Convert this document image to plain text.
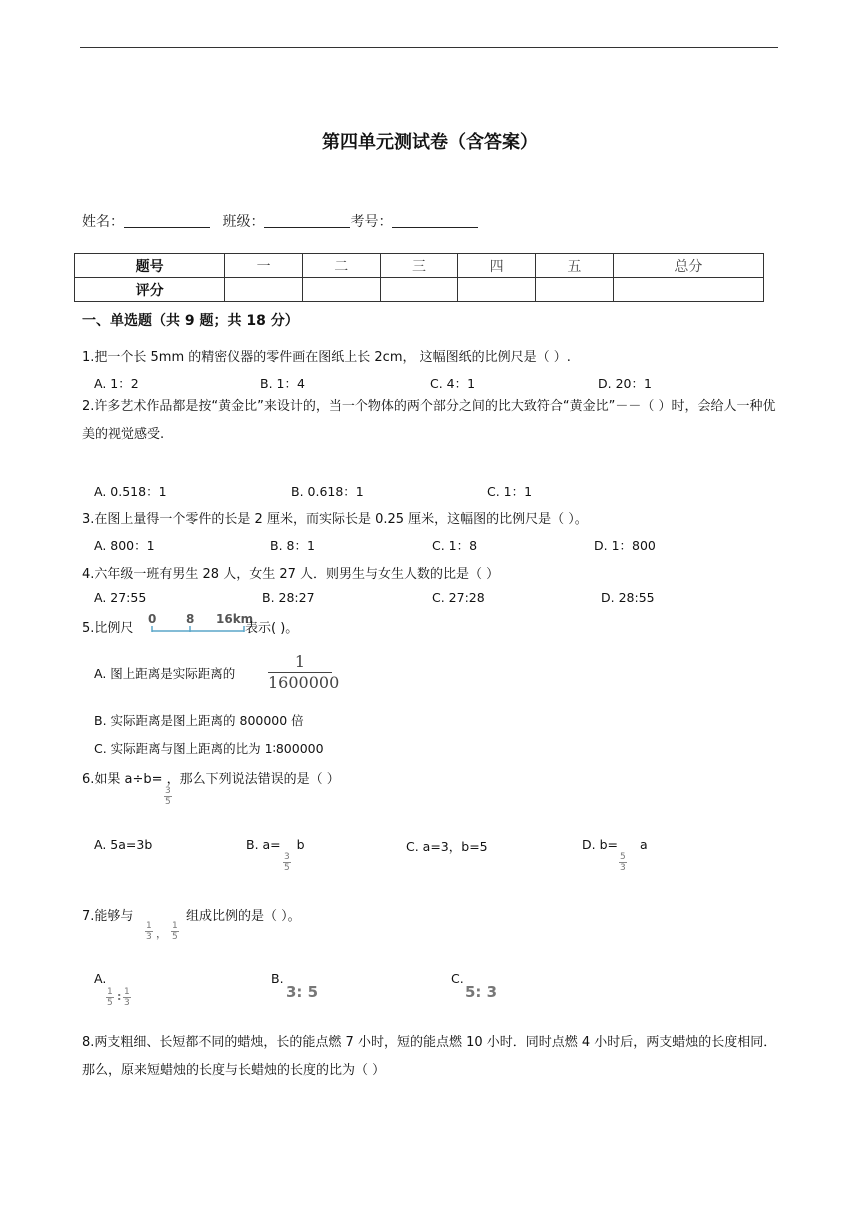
第四单元测试卷（含答案）
姓名：	班级：	考号：
题号	一	二	三	四	五	总分
评分						
一、单选题（共 9 题；共 18 分）
1.把一个长 5mm 的精密仪器的零件画在图纸上长 2cm， 这幅图纸的比例尺是（ ）.
A. 1：2	B. 1：4	C. 4：1	D. 20：1
2.许多艺术作品都是按“黄金比”来设计的，当一个物体的两个部分之间的比大致符合“黄金比”－－（ ）时，会给人一种优美的视觉感受.
A. 0.518：1	B. 0.618：1	C. 1：1
3.在图上量得一个零件的长是 2 厘米，而实际长是 0.25 厘米，这幅图的比例尺是（ ）。
A. 800：1	B. 8：1	C. 1：8	D. 1：800
4.六年级一班有男生 28 人，女生 27 人．则男生与女生人数的比是（ ）
A. 27:55	B. 28:27	C. 27:28	D. 28:55
5.比例尺
0 8 16km
表示( )。
A. 图上距离是实际距离的 $\frac{1}{1600000}$
B. 实际距离是图上距离的 800000 倍
C. 实际距离与图上距离的比为 1∶800000
6.如果 a÷b= ，那么下列说法错误的是（ ）
$\frac{3}{5}$
A. 5a=3b	B. a= b
$\frac{3}{5}$
C. a=3，b=5	D. b= a
$\frac{5}{3}$
7.能够与	组成比例的是（ ）。
$\frac{1}{3}$ ， $\frac{1}{5}$
A.
$\frac{1}{5}$ : $\frac{1}{3}$
B.
3: 5
C.
5: 3
8.两支粗细、长短都不同的蜡烛，长的能点燃 7 小时，短的能点燃 10 小时．同时点燃 4 小时后，两支蜡烛的长度相同．那么，原来短蜡烛的长度与长蜡烛的长度的比为（ ）
